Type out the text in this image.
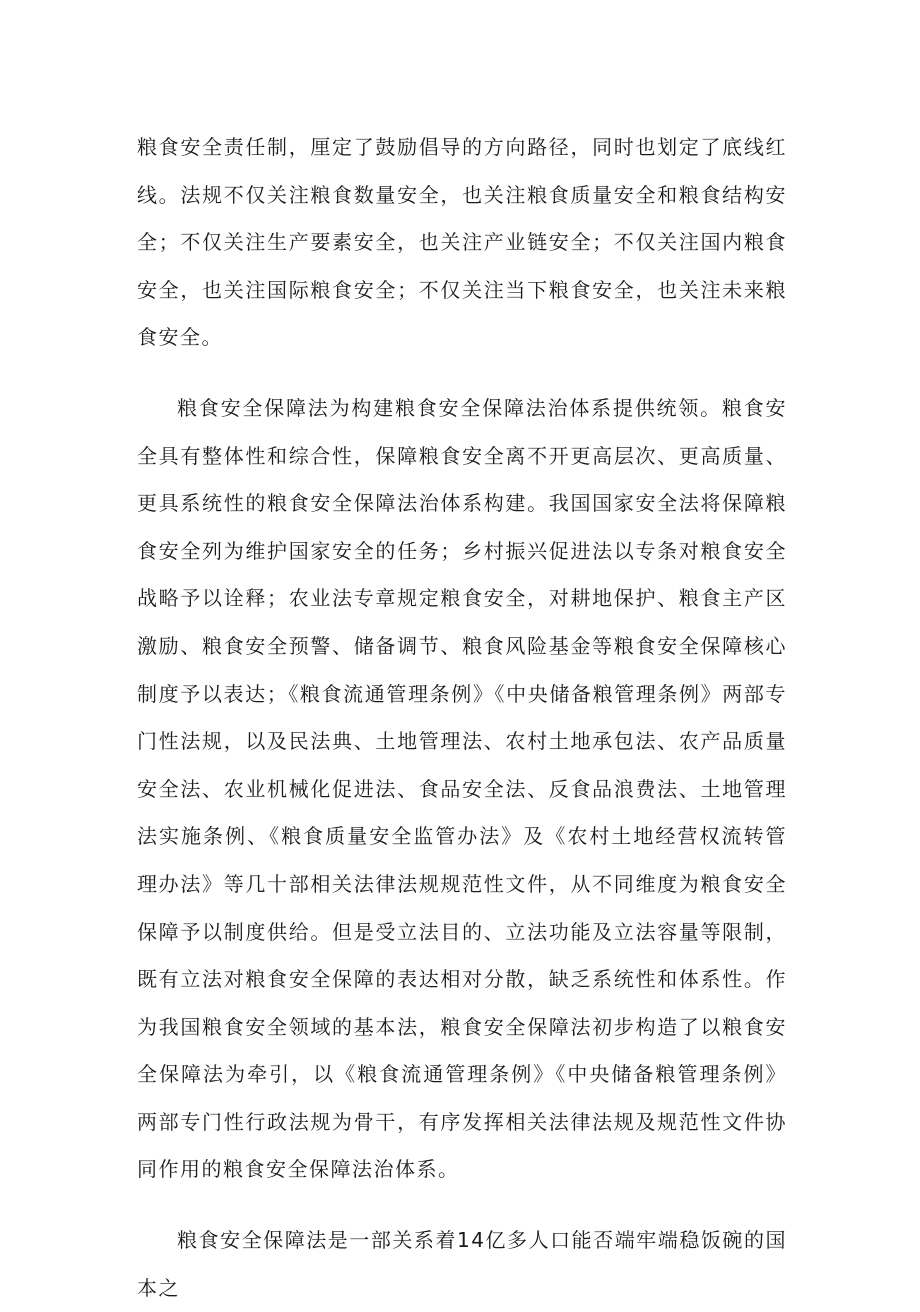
粮食安全责任制，厘定了鼓励倡导的方向路径，同时也划定了底线红线。法规不仅关注粮食数量安全，也关注粮食质量安全和粮食结构安全；不仅关注生产要素安全，也关注产业链安全；不仅关注国内粮食安全，也关注国际粮食安全；不仅关注当下粮食安全，也关注未来粮食安全。

粮食安全保障法为构建粮食安全保障法治体系提供统领。粮食安全具有整体性和综合性，保障粮食安全离不开更高层次、更高质量、更具系统性的粮食安全保障法治体系构建。我国国家安全法将保障粮食安全列为维护国家安全的任务；乡村振兴促进法以专条对粮食安全战略予以诠释；农业法专章规定粮食安全，对耕地保护、粮食主产区激励、粮食安全预警、储备调节、粮食风险基金等粮食安全保障核心制度予以表达；《粮食流通管理条例》《中央储备粮管理条例》两部专门性法规，以及民法典、土地管理法、农村土地承包法、农产品质量安全法、农业机械化促进法、食品安全法、反食品浪费法、土地管理法实施条例、《粮食质量安全监管办法》及《农村土地经营权流转管理办法》等几十部相关法律法规规范性文件，从不同维度为粮食安全保障予以制度供给。但是受立法目的、立法功能及立法容量等限制，既有立法对粮食安全保障的表达相对分散，缺乏系统性和体系性。作为我国粮食安全领域的基本法，粮食安全保障法初步构造了以粮食安全保障法为牵引，以《粮食流通管理条例》《中央储备粮管理条例》两部专门性行政法规为骨干，有序发挥相关法律法规及规范性文件协同作用的粮食安全保障法治体系。

粮食安全保障法是一部关系着14亿多人口能否端牢端稳饭碗的国本之
